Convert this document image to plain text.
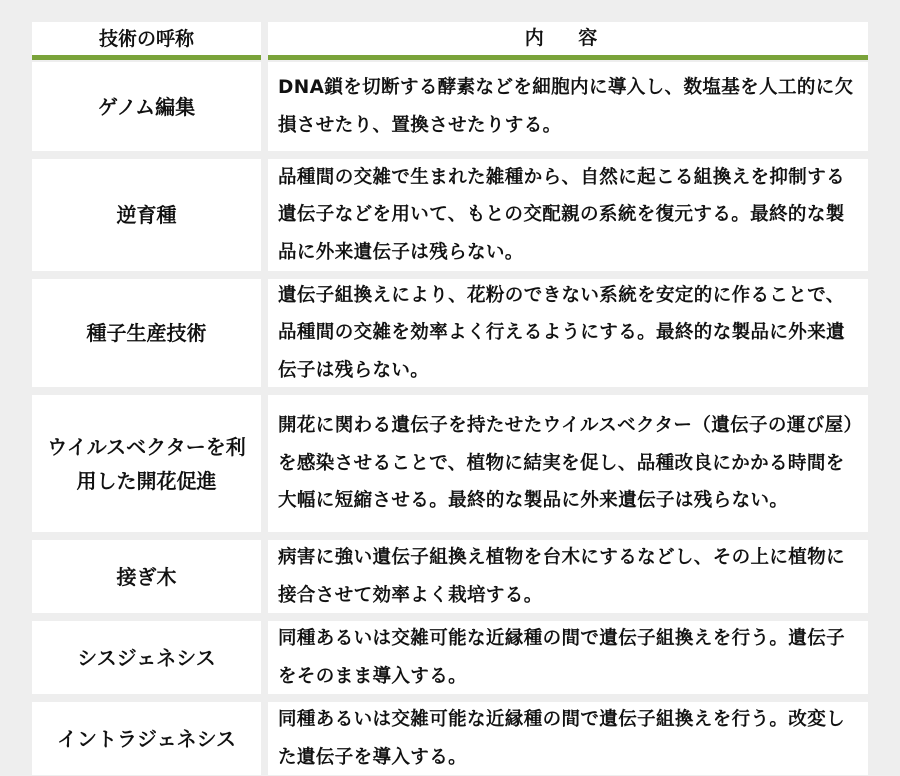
技術の呼称	内 容
ゲノム編集
DNA鎖を切断する酵素などを細胞内に導入し、数塩基を人工的に欠損させたり、置換させたりする。
逆育種
品種間の交雑で生まれた雑種から、自然に起こる組換えを抑制する遺伝子などを用いて、もとの交配親の系統を復元する。最終的な製品に外来遺伝子は残らない。
種子生産技術
遺伝子組換えにより、花粉のできない系統を安定的に作ることで、品種間の交雑を効率よく行えるようにする。最終的な製品に外来遺伝子は残らない。
ウイルスベクターを利用した開花促進
開花に関わる遺伝子を持たせたウイルスベクター（遺伝子の運び屋）を感染させることで、植物に結実を促し、品種改良にかかる時間を大幅に短縮させる。最終的な製品に外来遺伝子は残らない。
接ぎ木
病害に強い遺伝子組換え植物を台木にするなどし、その上に植物に接合させて効率よく栽培する。
シスジェネシス
同種あるいは交雑可能な近縁種の間で遺伝子組換えを行う。遺伝子をそのまま導入する。
イントラジェネシス
同種あるいは交雑可能な近縁種の間で遺伝子組換えを行う。改変した遺伝子を導入する。
